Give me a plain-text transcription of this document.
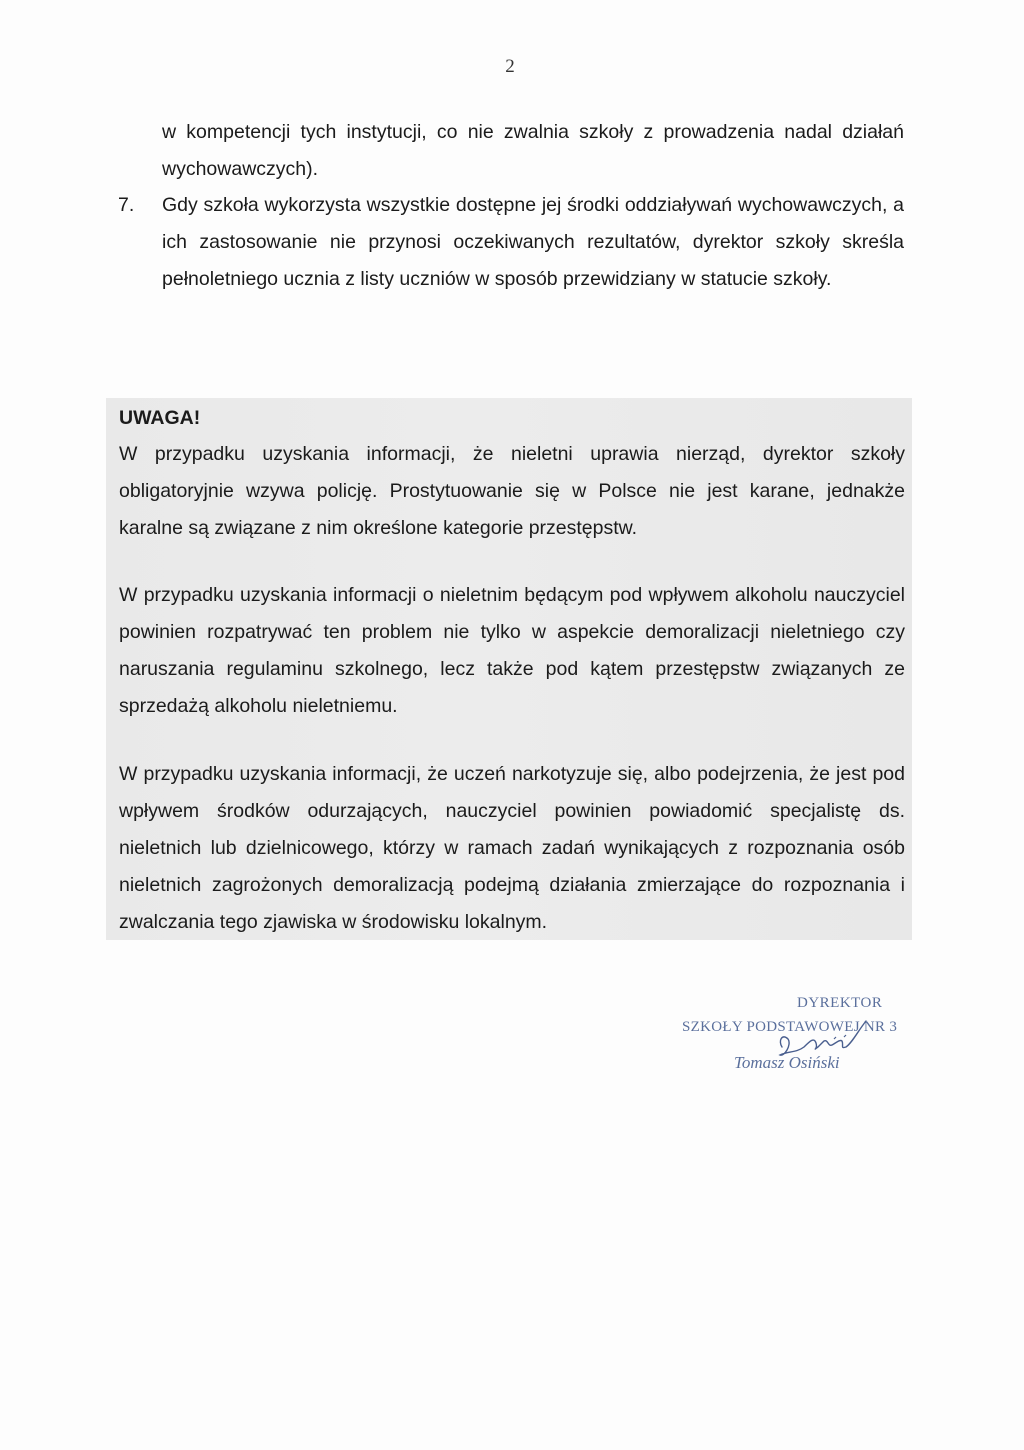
2

w kompetencji tych instytucji, co nie zwalnia szkoły z prowadzenia nadal działań wychowawczych).

7. Gdy szkoła wykorzysta wszystkie dostępne jej środki oddziaływań wychowawczych, a ich zastosowanie nie przynosi oczekiwanych rezultatów, dyrektor szkoły skreśla pełnoletniego ucznia z listy uczniów w sposób przewidziany w statucie szkoły.

UWAGA!

W przypadku uzyskania informacji, że nieletni uprawia nierząd, dyrektor szkoły obligatoryjnie wzywa policję. Prostytuowanie się w Polsce nie jest karane, jednakże karalne są związane z nim określone kategorie przestępstw.

W przypadku uzyskania informacji o nieletnim będącym pod wpływem alkoholu nauczyciel powinien rozpatrywać ten problem nie tylko w aspekcie demoralizacji nieletniego czy naruszania regulaminu szkolnego, lecz także pod kątem przestępstw związanych ze sprzedażą alkoholu nieletniemu.

W przypadku uzyskania informacji, że uczeń narkotyzuje się, albo podejrzenia, że jest pod wpływem środków odurzających, nauczyciel powinien powiadomić specjalistę ds. nieletnich lub dzielnicowego, którzy w ramach zadań wynikających z rozpoznania osób nieletnich zagrożonych demoralizacją podejmą działania zmierzające do rozpoznania i zwalczania tego zjawiska w środowisku lokalnym.

DYREKTOR
SZKOŁY PODSTAWOWEJ NR 3
Tomasz Osiński
